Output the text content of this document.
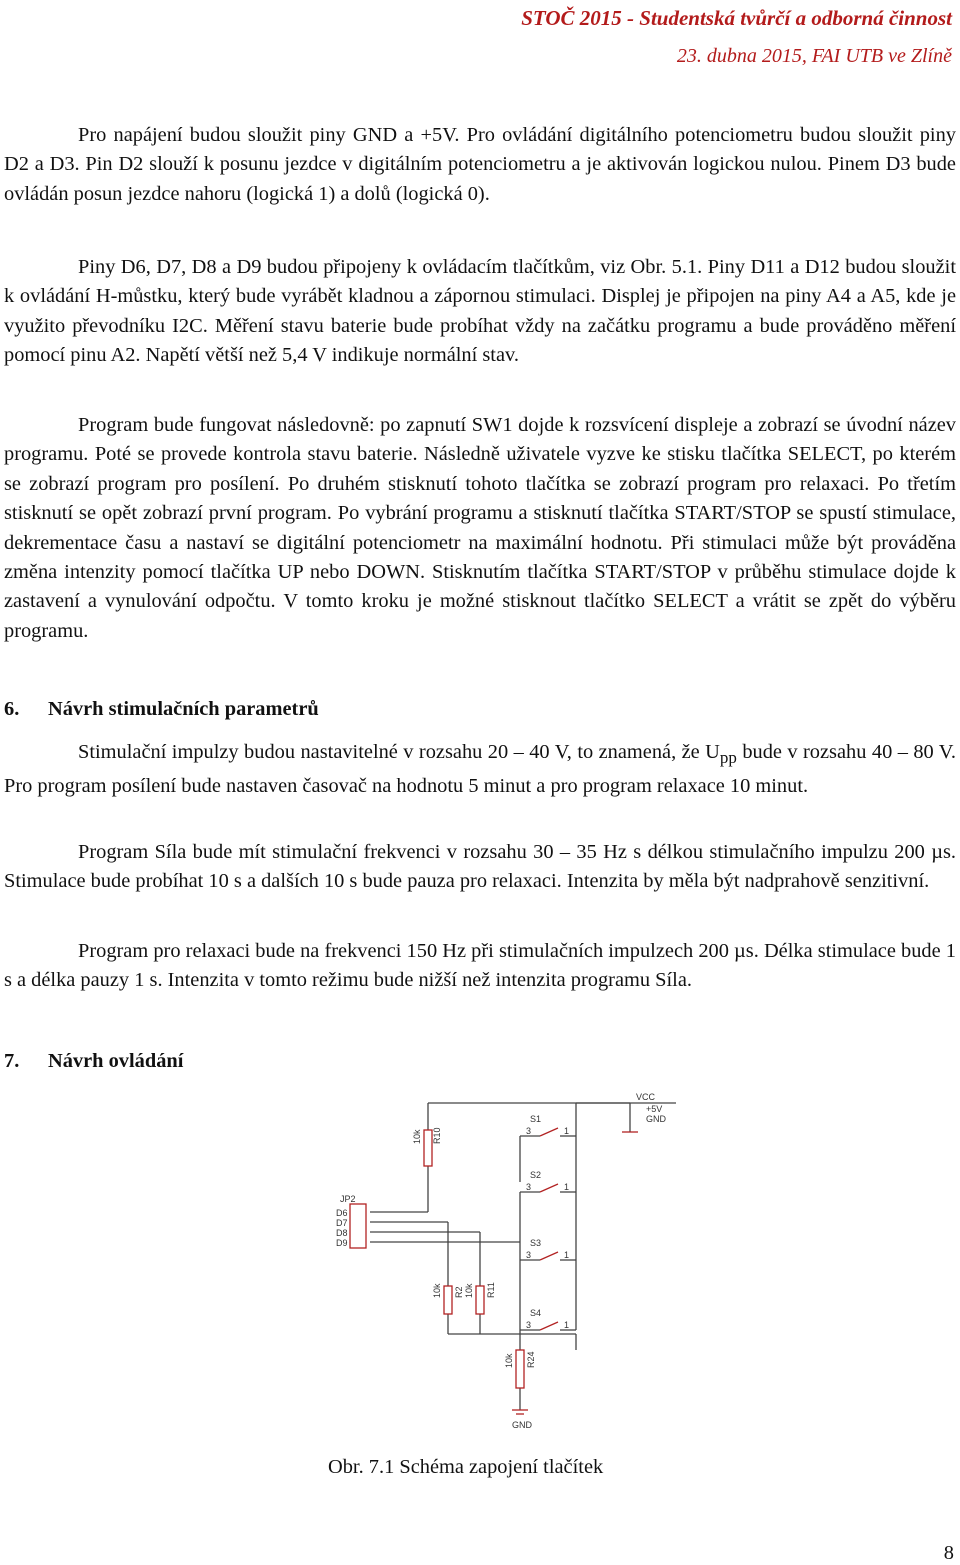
STOČ 2015 - Studentská tvůrčí a odborná činnost
23. dubna 2015, FAI UTB ve Zlíně

Pro napájení budou sloužit piny GND a +5V. Pro ovládání digitálního potenciometru budou sloužit piny D2 a D3. Pin D2 slouží k posunu jezdce v digitálním potenciometru a je aktivován logickou nulou. Pinem D3 bude ovládán posun jezdce nahoru (logická 1) a dolů (logická 0).

Piny D6, D7, D8 a D9 budou připojeny k ovládacím tlačítkům, viz Obr. 5.1. Piny D11 a D12 budou sloužit k ovládání H-můstku, který bude vyrábět kladnou a zápornou stimulaci. Displej je připojen na piny A4 a A5, kde je využito převodníku I2C. Měření stavu baterie bude probíhat vždy na začátku programu a bude prováděno měření pomocí pinu A2. Napětí větší než 5,4 V indikuje normální stav.

Program bude fungovat následovně: po zapnutí SW1 dojde k rozsvícení displeje a zobrazí se úvodní název programu. Poté se provede kontrola stavu baterie. Následně uživatele vyzve ke stisku tlačítka SELECT, po kterém se zobrazí program pro posílení. Po druhém stisknutí tohoto tlačítka se zobrazí program pro relaxaci. Po třetím stisknutí se opět zobrazí první program. Po vybrání programu a stisknutí tlačítka START/STOP se spustí stimulace, dekrementace času a nastaví se digitální potenciometr na maximální hodnotu. Při stimulaci může být prováděna změna intenzity pomocí tlačítka UP nebo DOWN. Stisknutím tlačítka START/STOP v průběhu stimulace dojde k zastavení a vynulování odpočtu. V tomto kroku je možné stisknout tlačítko SELECT a vrátit se zpět do výběru programu.

6. Návrh stimulačních parametrů

Stimulační impulzy budou nastavitelné v rozsahu 20 – 40 V, to znamená, že $U_{pp}$ bude v rozsahu 40 – 80 V. Pro program posílení bude nastaven časovač na hodnotu 5 minut a pro program relaxace 10 minut.

Program Síla bude mít stimulační frekvenci v rozsahu 30 – 35 Hz s délkou stimulačního impulzu 200 µs. Stimulace bude probíhat 10 s a dalších 10 s bude pauza pro relaxaci. Intenzita by měla být nadprahově senzitivní.

Program pro relaxaci bude na frekvenci 150 Hz při stimulačních impulzech 200 µs. Délka stimulace bude 1 s a délka pauzy 1 s. Intenzita v tomto režimu bude nižší než intenzita programu Síla.

7. Návrh ovládání
S1
S2
S3
S4
3	1
3	1
3	1
3	1
10k R10
10k R2 10k R11
10k R24
JP2
D6
D7
D8
D9
VCC
+5V
GND
GND
Obr. 7.1 Schéma zapojení tlačítek
8
